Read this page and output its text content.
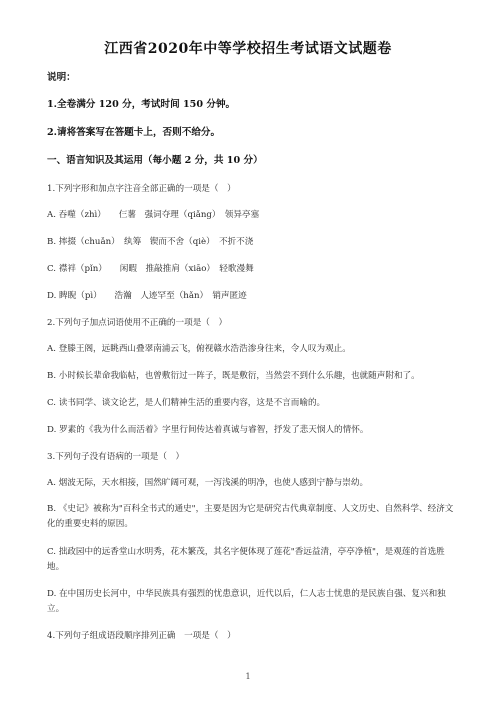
江西省2020年中等学校招生考试语文试题卷
说明：
1.全卷满分 120 分，考试时间 150 分钟。
2.请将答案写在答题卡上，否则不给分。
一、语言知识及其运用（每小题 2 分，共 10 分）
1.下列字形和加点字注音全部正确的一项是（　）
A. 吞噬（zhì）　　仨薯　强词夺理（qiǎng）　领异亭塞
B. 摔掇（chuǎn）　纨筹　锲而不舍（qiè）　不折不浇
C. 襟袢（pǐn）　　闲暇　推敲推肩（xiāo）　轻歌漫舞
D. 睥睨（pì）　　浩瀚　人迹罕至（hǎn）　销声匿迹
2.下列句子加点词语使用不正确的一项是（　）
A. 登滕王阁，远眺西山叠翠南浦云飞，俯视赣水浩浩渗身往来，令人叹为观止。
B. 小时候长辈命我临帖，也曾敷衍过一阵子，既是敷衍，当然尝不到什么乐趣，也就随声附和了。
C. 读书同学、谈文论艺，是人们精神生活的重要内容，这是不言而喻的。
D. 罗素的《我为什么而活着》字里行间传达着真诚与睿智，抒发了悲天悯人的情怀。
3.下列句子没有语病的一项是（　）
A. 烟波无际，天水相接，国然旷阔可观，一泻浅溪的明净，也使人感到宁静与崇幼。
B. 《史记》被称为"百科全书式的通史"，主要是因为它是研究古代典章制度、人文历史、自然科学、经济文化的重要史料的原因。
C. 拙政园中的远香堂山水明秀，花木繁茂，其名字便体现了莲花"香远益清，亭亭净植"，是观莲的首选胜地。
D. 在中国历史长河中，中华民族具有强烈的忧患意识，近代以后，仁人志士忧患的是民族自强、复兴和独立。
4.下列句子组成语段顺序排列正确　一项是（　）
1
